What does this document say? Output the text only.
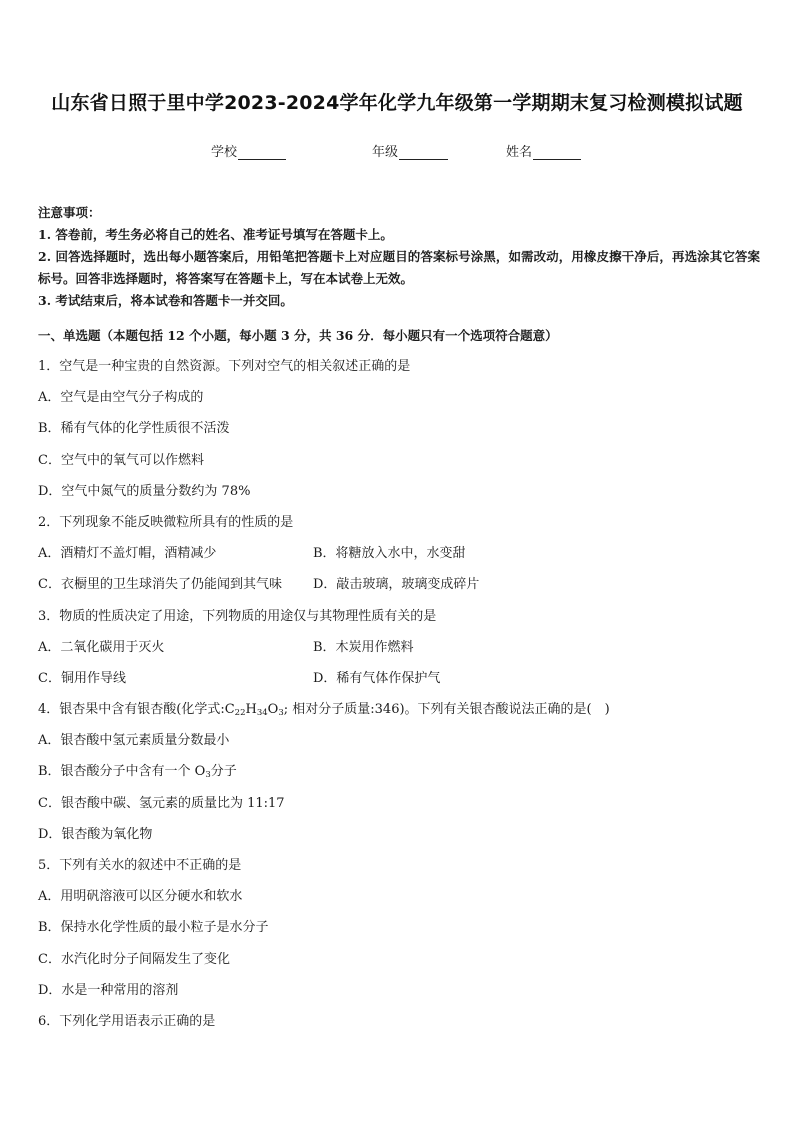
山东省日照于里中学2023-2024学年化学九年级第一学期期末复习检测模拟试题
学校	年级	姓名

注意事项：

1. 答卷前，考生务必将自己的姓名、准考证号填写在答题卡上。

2. 回答选择题时，选出每小题答案后，用铅笔把答题卡上对应题目的答案标号涂黑，如需改动，用橡皮擦干净后，再选涂其它答案标号。回答非选择题时，将答案写在答题卡上，写在本试卷上无效。

3. 考试结束后，将本试卷和答题卡一并交回。

一、单选题（本题包括 12 个小题，每小题 3 分，共 36 分．每小题只有一个选项符合题意）
1．空气是一种宝贵的自然资源。下列对空气的相关叙述正确的是
A．空气是由空气分子构成的
B．稀有气体的化学性质很不活泼
C．空气中的氧气可以作燃料
D．空气中氮气的质量分数约为 78%
2．下列现象不能反映微粒所具有的性质的是
A．酒精灯不盖灯帽，酒精减少	B．将糖放入水中，水变甜
C．衣橱里的卫生球消失了仍能闻到其气味	D．敲击玻璃，玻璃变成碎片
3．物质的性质决定了用途，下列物质的用途仅与其物理性质有关的是
A．二氧化碳用于灭火	B．木炭用作燃料
C．铜用作导线	D．稀有气体作保护气
4．银杏果中含有银杏酸(化学式$:C_{22}H_{34}O_3$; 相对分子质量:346)。下列有关银杏酸说法正确的是(　)
A．银杏酸中氢元素质量分数最小
B．银杏酸分子中含有一个 $O_3$分子
C．银杏酸中碳、氢元素的质量比为 11:17
D．银杏酸为氧化物
5．下列有关水的叙述中不正确的是
A．用明矾溶液可以区分硬水和软水
B．保持水化学性质的最小粒子是水分子
C．水汽化时分子间隔发生了变化
D．水是一种常用的溶剂
6．下列化学用语表示正确的是
